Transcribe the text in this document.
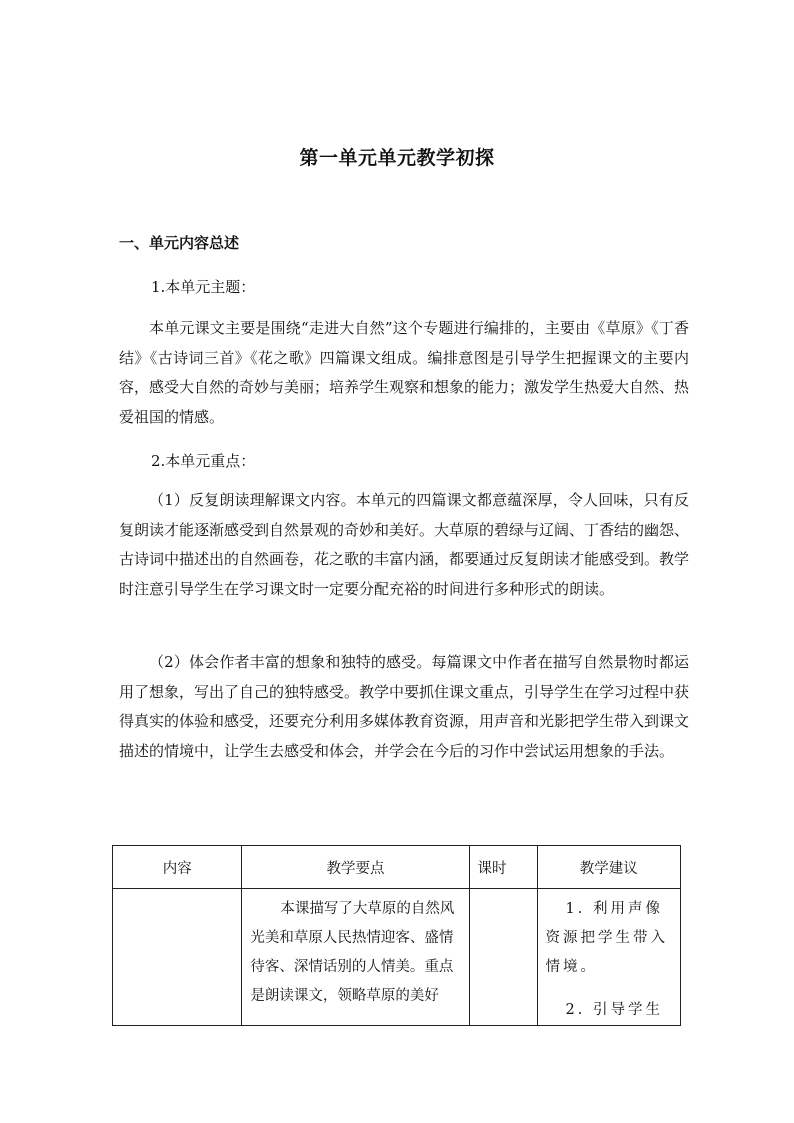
第一单元单元教学初探
一、单元内容总述
1.本单元主题：

本单元课文主要是围绕“走进大自然”这个专题进行编排的，主要由《草原》《丁香结》《古诗词三首》《花之歌》四篇课文组成。编排意图是引导学生把握课文的主要内容，感受大自然的奇妙与美丽；培养学生观察和想象的能力；激发学生热爱大自然、热爱祖国的情感。

2.本单元重点：

（1）反复朗读理解课文内容。本单元的四篇课文都意蕴深厚，令人回味，只有反复朗读才能逐渐感受到自然景观的奇妙和美好。大草原的碧绿与辽阔、丁香结的幽怨、古诗词中描述出的自然画卷，花之歌的丰富内涵，都要通过反复朗读才能感受到。教学时注意引导学生在学习课文时一定要分配充裕的时间进行多种形式的朗读。

（2）体会作者丰富的想象和独特的感受。每篇课文中作者在描写自然景物时都运用了想象，写出了自己的独特感受。教学中要抓住课文重点，引导学生在学习过程中获得真实的体验和感受，还要充分利用多媒体教育资源，用声音和光影把学生带入到课文描述的情境中，让学生去感受和体会，并学会在今后的习作中尝试运用想象的手法。

内容	教学要点	课时	教学建议

	本课描写了大草原的自然风光美和草原人民热情迎客、盛情待客、深情话别的人情美。重点是朗读课文，领略草原的美好		1. 利用声像资源把学生带入情境。
2. 引导学生
